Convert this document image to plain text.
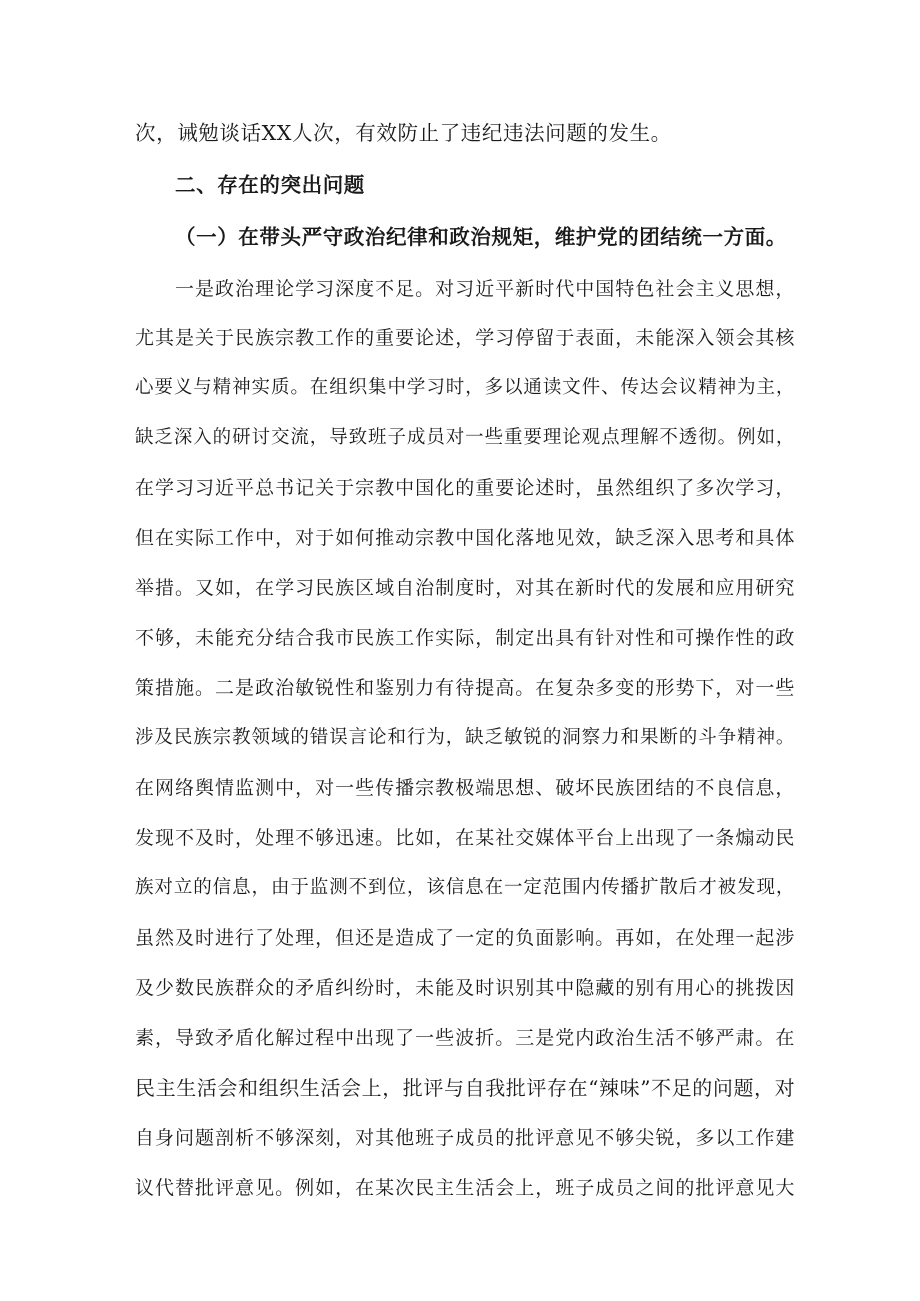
次，诫勉谈话XX人次，有效防止了违纪违法问题的发生。
二、存在的突出问题
（一）在带头严守政治纪律和政治规矩，维护党的团结统一方面。
一是政治理论学习深度不足。对习近平新时代中国特色社会主义思想，
尤其是关于民族宗教工作的重要论述，学习停留于表面，未能深入领会其核
心要义与精神实质。在组织集中学习时，多以通读文件、传达会议精神为主，
缺乏深入的研讨交流，导致班子成员对一些重要理论观点理解不透彻。例如，
在学习习近平总书记关于宗教中国化的重要论述时，虽然组织了多次学习，
但在实际工作中，对于如何推动宗教中国化落地见效，缺乏深入思考和具体
举措。又如，在学习民族区域自治制度时，对其在新时代的发展和应用研究
不够，未能充分结合我市民族工作实际，制定出具有针对性和可操作性的政
策措施。二是政治敏锐性和鉴别力有待提高。在复杂多变的形势下，对一些
涉及民族宗教领域的错误言论和行为，缺乏敏锐的洞察力和果断的斗争精神。
在网络舆情监测中，对一些传播宗教极端思想、破坏民族团结的不良信息，
发现不及时，处理不够迅速。比如，在某社交媒体平台上出现了一条煽动民
族对立的信息，由于监测不到位，该信息在一定范围内传播扩散后才被发现，
虽然及时进行了处理，但还是造成了一定的负面影响。再如，在处理一起涉
及少数民族群众的矛盾纠纷时，未能及时识别其中隐藏的别有用心的挑拨因
素，导致矛盾化解过程中出现了一些波折。三是党内政治生活不够严肃。在
民主生活会和组织生活会上，批评与自我批评存在“辣味”不足的问题，对
自身问题剖析不够深刻，对其他班子成员的批评意见不够尖锐，多以工作建
议代替批评意见。例如，在某次民主生活会上，班子成员之间的批评意见大
